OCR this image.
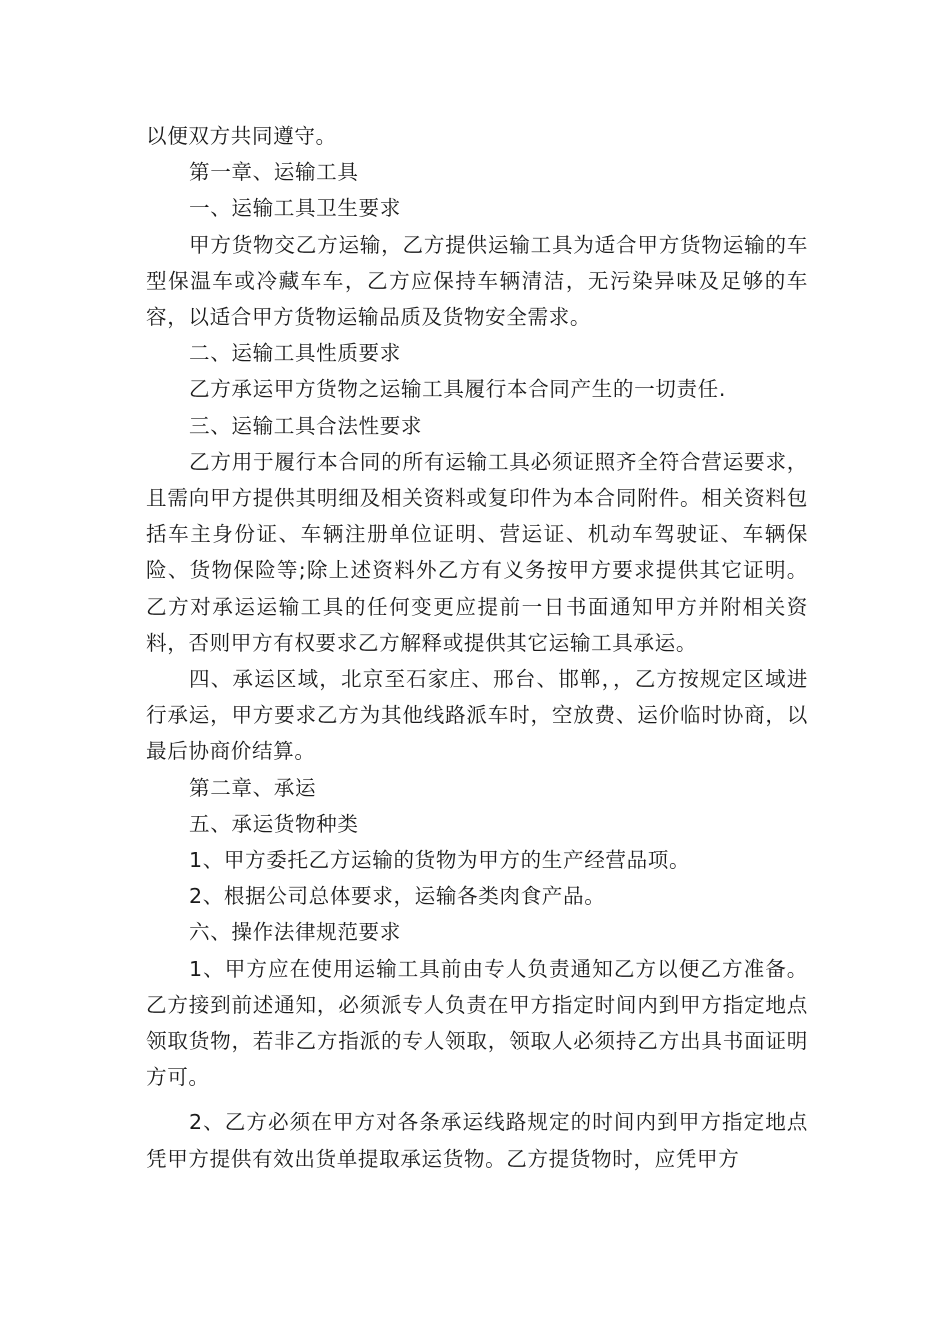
以便双方共同遵守。

第一章、运输工具

一、运输工具卫生要求

甲方货物交乙方运输，乙方提供运输工具为适合甲方货物运输的车型保温车或冷藏车车，乙方应保持车辆清洁，无污染异味及足够的车容，以适合甲方货物运输品质及货物安全需求。

二、运输工具性质要求

乙方承运甲方货物之运输工具履行本合同产生的一切责任.

三、运输工具合法性要求

乙方用于履行本合同的所有运输工具必须证照齐全符合营运要求，且需向甲方提供其明细及相关资料或复印件为本合同附件。相关资料包括车主身份证、车辆注册单位证明、营运证、机动车驾驶证、车辆保险、货物保险等;除上述资料外乙方有义务按甲方要求提供其它证明。乙方对承运运输工具的任何变更应提前一日书面通知甲方并附相关资料，否则甲方有权要求乙方解释或提供其它运输工具承运。

四、承运区域，北京至石家庄、邢台、邯郸，，乙方按规定区域进行承运，甲方要求乙方为其他线路派车时，空放费、运价临时协商，以最后协商价结算。

第二章、承运

五、承运货物种类

1、甲方委托乙方运输的货物为甲方的生产经营品项。

2、根据公司总体要求，运输各类肉食产品。

六、操作法律规范要求

1、甲方应在使用运输工具前由专人负责通知乙方以便乙方准备。乙方接到前述通知，必须派专人负责在甲方指定时间内到甲方指定地点领取货物，若非乙方指派的专人领取，领取人必须持乙方出具书面证明方可。

2、乙方必须在甲方对各条承运线路规定的时间内到甲方指定地点凭甲方提供有效出货单提取承运货物。乙方提货物时，应凭甲方
